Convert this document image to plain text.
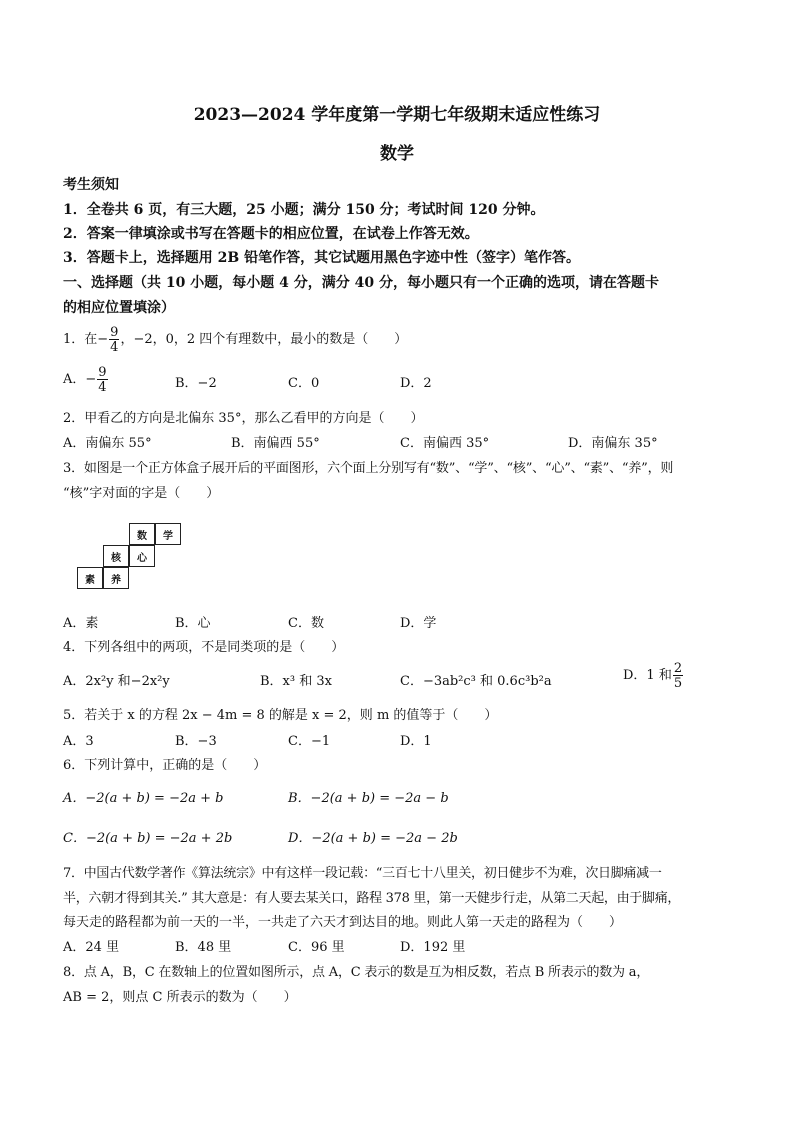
2023—2024 学年度第一学期七年级期末适应性练习
数学
考生须知
1．全卷共 6 页，有三大题，25 小题；满分 150 分；考试时间 120 分钟。
2．答案一律填涂或书写在答题卡的相应位置，在试卷上作答无效。
3．答题卡上，选择题用 2B 铅笔作答，其它试题用黑色字迹中性（签字）笔作答。
一、选择题（共 10 小题，每小题 4 分，满分 40 分，每小题只有一个正确的选项，请在答题卡
的相应位置填涂）
1．在− $\frac{9}{4}$ ，−2，0，2 四个有理数中，最小的数是（　　）
A．− $\frac{9}{4}$	B．−2	C．0	D．2
2．甲看乙的方向是北偏东 35°，那么乙看甲的方向是（　　）
A．南偏东 55°	B．南偏西 55°	C．南偏西 35°	D．南偏东 35°
3．如图是一个正方体盒子展开后的平面图形，六个面上分别写有“数”、“学”、“核”、“心”、“素”、“养”，则
“核”字对面的字是（　　）
数	学
核	心
素	养
A．素	B．心	C．数	D．学
4．下列各组中的两项，不是同类项的是（　　）
A．2x²y 和−2x²y	B．x³ 和 3x	C．−3ab²c³ 和 0.6c³b²a	D．1 和 $\frac{2}{5}$
5．若关于 x 的方程 2x − 4m = 8 的解是 x = 2，则 m 的值等于（　　）
A．3	B．−3	C．−1	D．1
6．下列计算中，正确的是（　　）
A．−2(a + b) = −2a + b	B．−2(a + b) = −2a − b
C．−2(a + b) = −2a + 2b	D．−2(a + b) = −2a − 2b
7．中国古代数学著作《算法统宗》中有这样一段记载：“三百七十八里关，初日健步不为难，次日脚痛减一
半，六朝才得到其关.” 其大意是：有人要去某关口，路程 378 里，第一天健步行走，从第二天起，由于脚痛，
每天走的路程都为前一天的一半，一共走了六天才到达目的地。则此人第一天走的路程为（　　）
A．24 里	B．48 里	C．96 里	D．192 里
8．点 A，B，C 在数轴上的位置如图所示，点 A，C 表示的数是互为相反数，若点 B 所表示的数为 a，
AB = 2，则点 C 所表示的数为（　　）
